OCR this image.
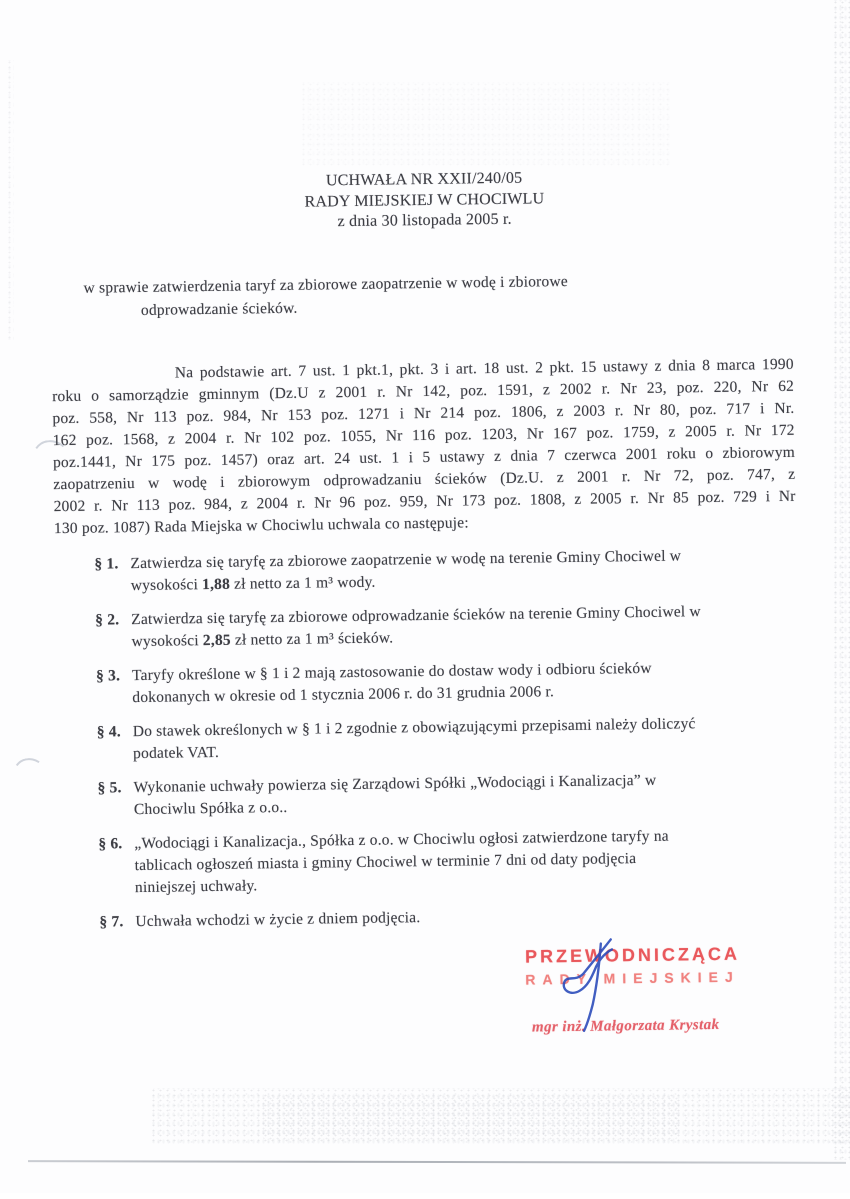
UCHWAŁA NR XXII/240/05
RADY MIEJSKIEJ W CHOCIWLU
z dnia 30 listopada 2005 r.
w sprawie zatwierdzenia taryf za zbiorowe zaopatrzenie w wodę i zbiorowe
odprowadzanie ścieków.
Na podstawie art. 7 ust. 1 pkt.1, pkt. 3 i art. 18 ust. 2 pkt. 15 ustawy z dnia 8 marca 1990
roku o samorządzie gminnym (Dz.U z 2001 r. Nr 142, poz. 1591, z 2002 r. Nr 23, poz. 220, Nr 62
poz. 558, Nr 113 poz. 984, Nr 153 poz. 1271 i Nr 214 poz. 1806, z 2003 r. Nr 80, poz. 717 i Nr.
162 poz. 1568, z 2004 r. Nr 102 poz. 1055, Nr 116 poz. 1203, Nr 167 poz. 1759, z 2005 r. Nr 172
poz.1441, Nr 175 poz. 1457) oraz art. 24 ust. 1 i 5 ustawy z dnia 7 czerwca 2001 roku o zbiorowym
zaopatrzeniu w wodę i zbiorowym odprowadzaniu ścieków (Dz.U. z 2001 r. Nr 72, poz. 747, z
2002 r. Nr 113 poz. 984, z 2004 r. Nr 96 poz. 959, Nr 173 poz. 1808, z 2005 r. Nr 85 poz. 729 i Nr
130 poz. 1087) Rada Miejska w Chociwlu uchwala co następuje:
§ 1. Zatwierdza się taryfę za zbiorowe zaopatrzenie w wodę na terenie Gminy Chociwel w
wysokości 1,88 zł netto za 1 m³ wody.
§ 2. Zatwierdza się taryfę za zbiorowe odprowadzanie ścieków na terenie Gminy Chociwel w
wysokości 2,85 zł netto za 1 m³ ścieków.
§ 3. Taryfy określone w § 1 i 2 mają zastosowanie do dostaw wody i odbioru ścieków
dokonanych w okresie od 1 stycznia 2006 r. do 31 grudnia 2006 r.
§ 4. Do stawek określonych w § 1 i 2 zgodnie z obowiązującymi przepisami należy doliczyć
podatek VAT.
§ 5. Wykonanie uchwały powierza się Zarządowi Spółki „Wodociągi i Kanalizacja” w
Chociwlu Spółka z o.o..
§ 6. „Wodociągi i Kanalizacja., Spółka z o.o. w Chociwlu ogłosi zatwierdzone taryfy na
tablicach ogłoszeń miasta i gminy Chociwel w terminie 7 dni od daty podjęcia
niniejszej uchwały.
§ 7. Uchwała wchodzi w życie z dniem podjęcia.
PRZEWODNICZĄCA
RADY MIEJSKIEJ
mgr inż. Małgorzata Krystak
